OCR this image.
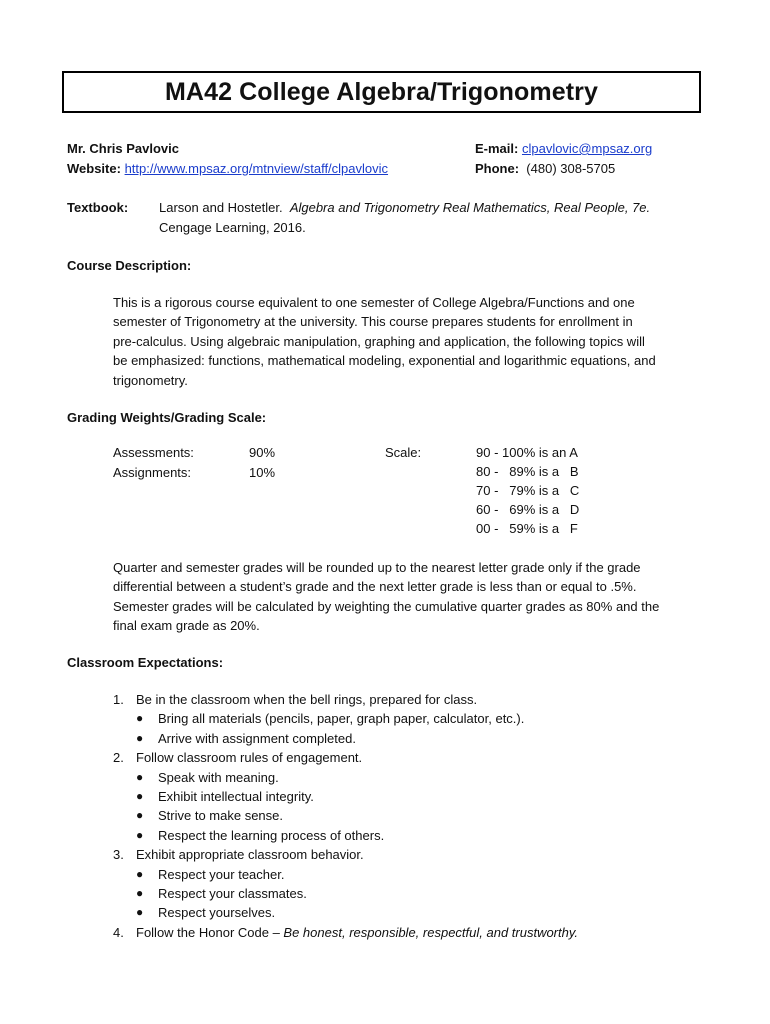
MA42 College Algebra/Trigonometry
Mr. Chris Pavlovic
Website: http://www.mpsaz.org/mtnview/staff/clpavlovic
E-mail: clpavlovic@mpsaz.org
Phone: (480) 308-5705
Textbook: Larson and Hostetler. Algebra and Trigonometry Real Mathematics, Real People, 7e.
Cengage Learning, 2016.
Course Description:
This is a rigorous course equivalent to one semester of College Algebra/Functions and one
semester of Trigonometry at the university. This course prepares students for enrollment in
pre-calculus. Using algebraic manipulation, graphing and application, the following topics will
be emphasized: functions, mathematical modeling, exponential and logarithmic equations, and
trigonometry.
Grading Weights/Grading Scale:
Assessments:	90%
Assignments:	10%
Scale:	90 - 100% is an A
80 -   89% is a   B
70 -   79% is a   C
60 -   69% is a   D
00 -   59% is a   F
Quarter and semester grades will be rounded up to the nearest letter grade only if the grade
differential between a student’s grade and the next letter grade is less than or equal to .5%.
Semester grades will be calculated by weighting the cumulative quarter grades as 80% and the
final exam grade as 20%.
Classroom Expectations:
1. Be in the classroom when the bell rings, prepared for class.
● Bring all materials (pencils, paper, graph paper, calculator, etc.).
● Arrive with assignment completed.
2. Follow classroom rules of engagement.
● Speak with meaning.
● Exhibit intellectual integrity.
● Strive to make sense.
● Respect the learning process of others.
3. Exhibit appropriate classroom behavior.
● Respect your teacher.
● Respect your classmates.
● Respect yourselves.
4. Follow the Honor Code – Be honest, responsible, respectful, and trustworthy.
